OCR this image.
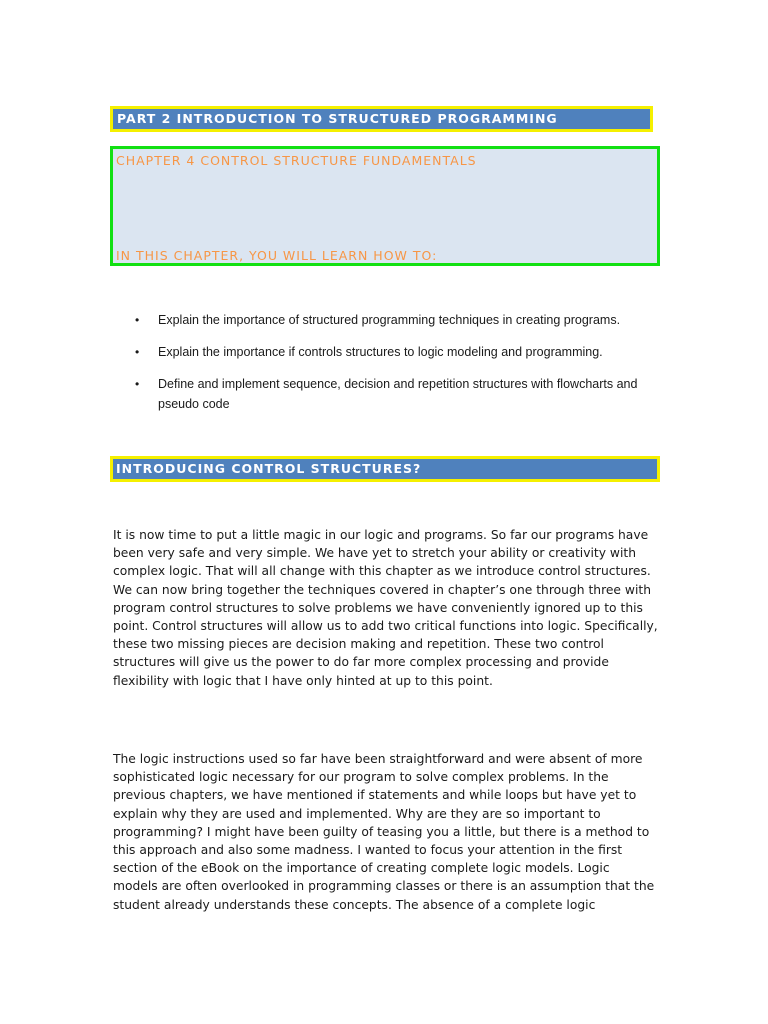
PART 2 INTRODUCTION TO STRUCTURED PROGRAMMING
CHAPTER 4 CONTROL STRUCTURE FUNDAMENTALS
IN THIS CHAPTER, YOU WILL LEARN HOW TO:
• Explain the importance of structured programming techniques in creating programs.
• Explain the importance if controls structures to logic modeling and programming.
• Define and implement sequence, decision and repetition structures with flowcharts and pseudo code
INTRODUCING CONTROL STRUCTURES?

It is now time to put a little magic in our logic and programs. So far our programs have been very safe and very simple. We have yet to stretch your ability or creativity with complex logic. That will all change with this chapter as we introduce control structures. We can now bring together the techniques covered in chapter’s one through three with program control structures to solve problems we have conveniently ignored up to this point. Control structures will allow us to add two critical functions into logic. Specifically, these two missing pieces are decision making and repetition. These two control structures will give us the power to do far more complex processing and provide flexibility with logic that I have only hinted at up to this point.

The logic instructions used so far have been straightforward and were absent of more sophisticated logic necessary for our program to solve complex problems. In the previous chapters, we have mentioned if statements and while loops but have yet to explain why they are used and implemented. Why are they are so important to programming? I might have been guilty of teasing you a little, but there is a method to this approach and also some madness. I wanted to focus your attention in the first section of the eBook on the importance of creating complete logic models. Logic models are often overlooked in programming classes or there is an assumption that the student already understands these concepts. The absence of a complete logic
